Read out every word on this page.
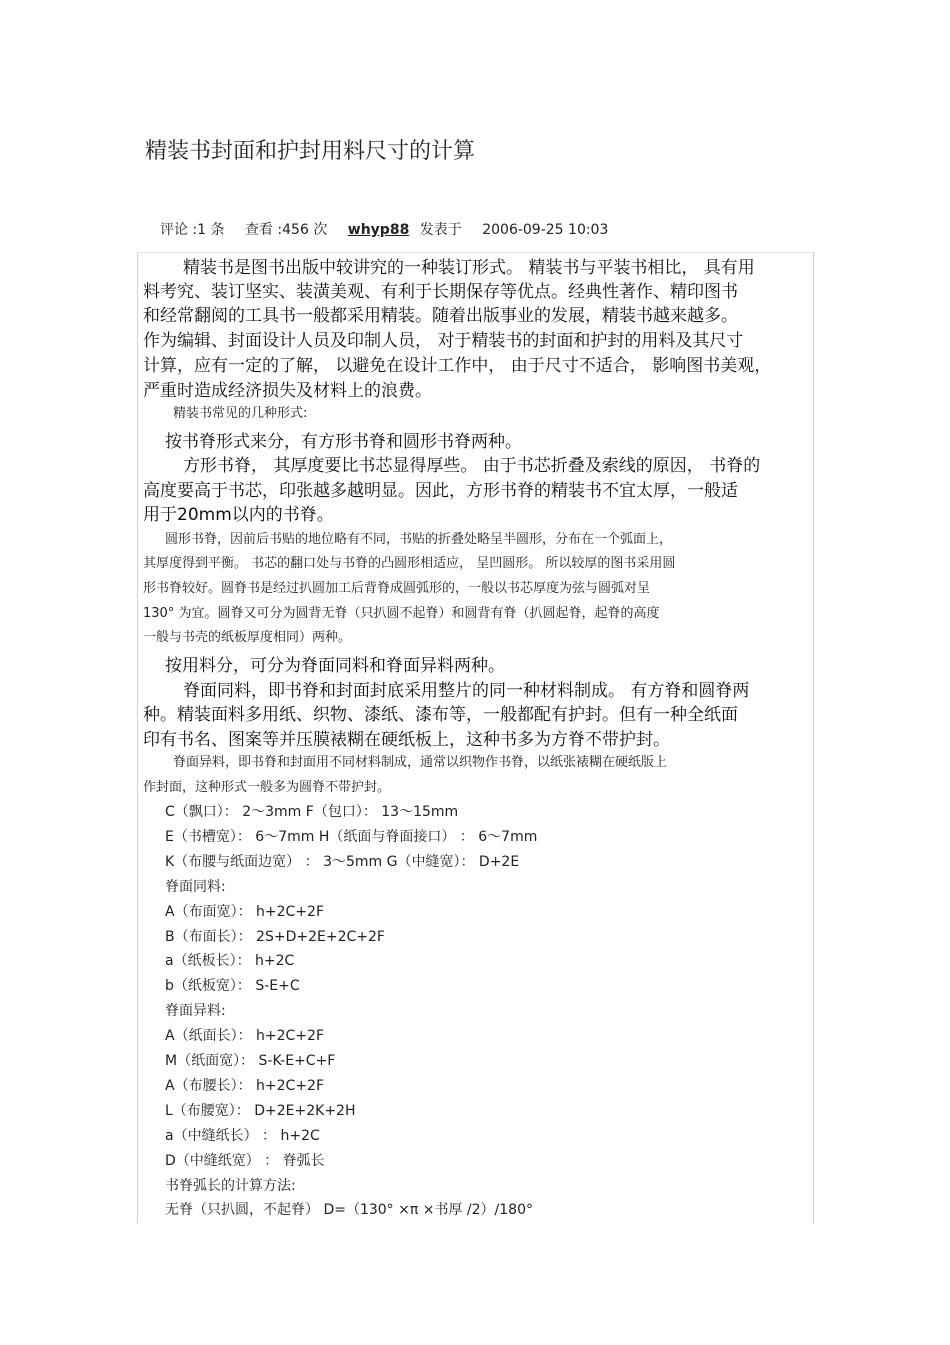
精装书封面和护封用料尺寸的计算
评论 :1 条 查看 :456 次 whyp88 发表于 2006-09-25 10:03
精装书是图书出版中较讲究的一种装订形式。 精装书与平装书相比， 具有用
料考究、装订坚实、装潢美观、有利于长期保存等优点。经典性著作、精印图书
和经常翻阅的工具书一般都采用精装。随着出版事业的发展，精装书越来越多。
作为编辑、封面设计人员及印制人员， 对于精装书的封面和护封的用料及其尺寸
计算，应有一定的了解， 以避免在设计工作中， 由于尺寸不适合， 影响图书美观，
严重时造成经济损失及材料上的浪费。
精装书常见的几种形式:
按书脊形式来分，有方形书脊和圆形书脊两种。
方形书脊， 其厚度要比书芯显得厚些。 由于书芯折叠及索线的原因， 书脊的
高度要高于书芯，印张越多越明显。因此，方形书脊的精装书不宜太厚，一般适
用于20mm以内的书脊。
圆形书脊，因前后书贴的地位略有不同，书贴的折叠处略呈半圆形，分布在一个弧面上，
其厚度得到平衡。 书芯的翻口处与书脊的凸圆形相适应， 呈凹圆形。 所以较厚的图书采用圆
形书脊较好。圆脊书是经过扒圆加工后背脊成圆弧形的，一般以书芯厚度为弦与圆弧对呈
130° 为宜。圆脊又可分为圆背无脊（只扒圆不起脊）和圆背有脊（扒圆起脊，起脊的高度
一般与书壳的纸板厚度相同）两种。
按用料分，可分为脊面同料和脊面异料两种。
脊面同料，即书脊和封面封底采用整片的同一种材料制成。 有方脊和圆脊两
种。精装面料多用纸、织物、漆纸、漆布等，一般都配有护封。但有一种全纸面
印有书名、图案等并压膜裱糊在硬纸板上，这种书多为方脊不带护封。
脊面异料，即书脊和封面用不同材料制成，通常以织物作书脊，以纸张裱糊在硬纸版上
作封面，这种形式一般多为圆脊不带护封。
C（飘口）： 2～3mm F（包口）： 13～15mm
E（书槽宽）： 6～7mm H（纸面与脊面接口） ： 6～7mm
K（布腰与纸面边宽） ： 3～5mm G（中缝宽）： D+2E
脊面同料:
A（布面宽）： h+2C+2F
B（布面长）： 2S+D+2E+2C+2F
a（纸板长）： h+2C
b（纸板宽）： S-E+C
脊面异料:
A（纸面长）： h+2C+2F
M（纸面宽）： S-K-E+C+F
A（布腰长）： h+2C+2F
L（布腰宽）： D+2E+2K+2H
a（中缝纸长） ： h+2C
D（中缝纸宽） ： 脊弧长
书脊弧长的计算方法:
无脊（只扒圆，不起脊） D=（130° ×π ×书厚 /2）/180°
